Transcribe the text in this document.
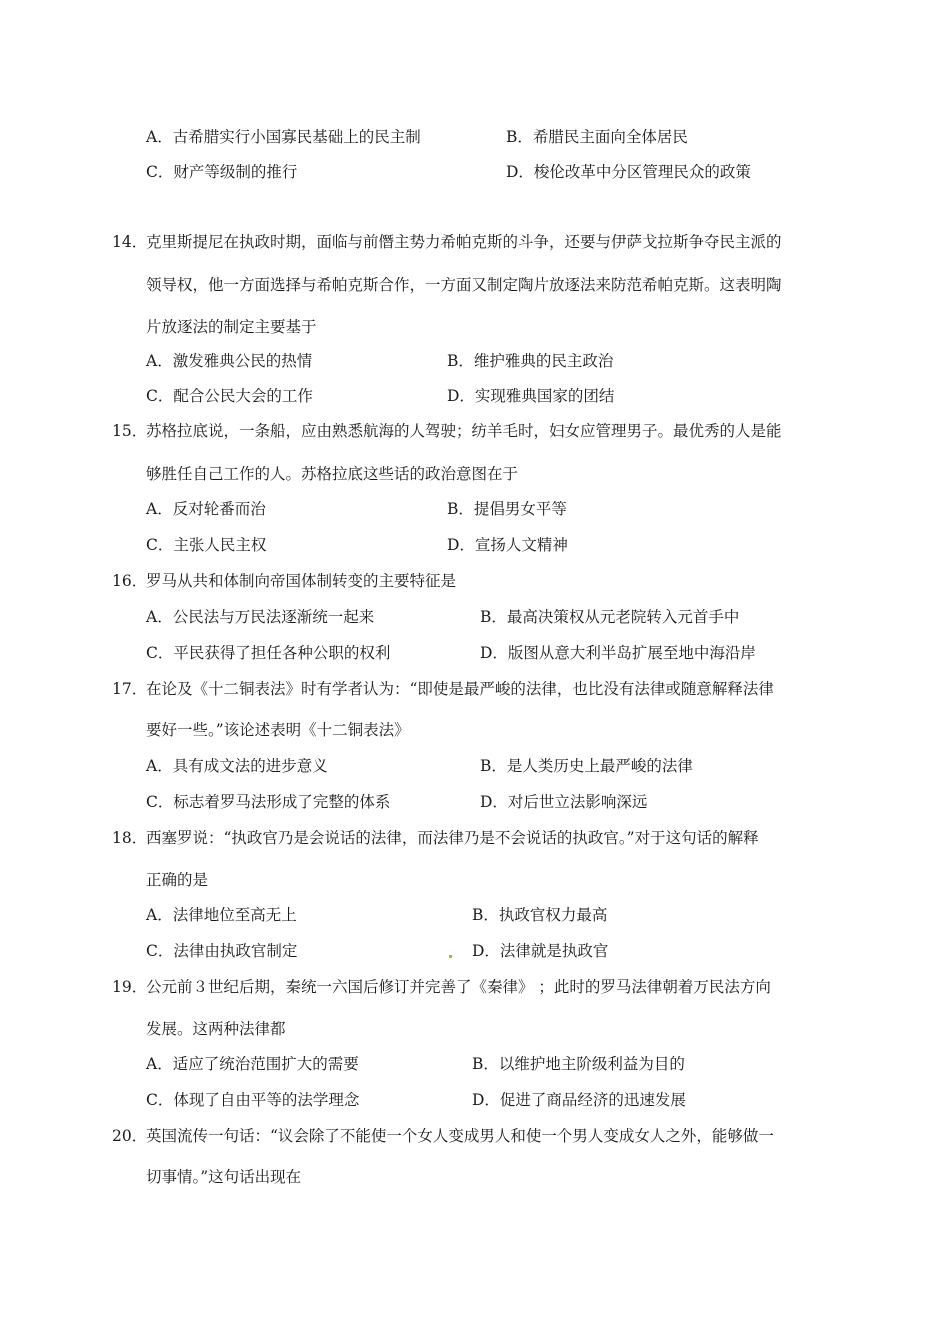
A．古希腊实行小国寡民基础上的民主制	B．希腊民主面向全体居民
C．财产等级制的推行	D．梭伦改革中分区管理民众的政策
14．
克里斯提尼在执政时期，面临与前僭主势力希帕克斯的斗争，还要与伊萨戈拉斯争夺民主派的
领导权，他一方面选择与希帕克斯合作，一方面又制定陶片放逐法来防范希帕克斯。这表明陶
片放逐法的制定主要基于
A．激发雅典公民的热情	B．维护雅典的民主政治
C．配合公民大会的工作	D．实现雅典国家的团结
15．
苏格拉底说，一条船，应由熟悉航海的人驾驶；纺羊毛时，妇女应管理男子。最优秀的人是能
够胜任自己工作的人。苏格拉底这些话的政治意图在于
A．反对轮番而治	B．提倡男女平等
C．主张人民主权	D．宣扬人文精神
16．
罗马从共和体制向帝国体制转变的主要特征是
A．公民法与万民法逐渐统一起来	B．最高决策权从元老院转入元首手中
C．平民获得了担任各种公职的权利	D．版图从意大利半岛扩展至地中海沿岸
17．
在论及《十二铜表法》时有学者认为：“即使是最严峻的法律，也比没有法律或随意解释法律
要好一些。”该论述表明《十二铜表法》
A．具有成文法的进步意义	B．是人类历史上最严峻的法律
C．标志着罗马法形成了完整的体系	D．对后世立法影响深远
18．
西塞罗说：“执政官乃是会说话的法律，而法律乃是不会说话的执政官。”对于这句话的解释
正确的是
A．法律地位至高无上	B．执政官权力最高
C．法律由执政官制定	D．法律就是执政官
19．
公元前３世纪后期，秦统一六国后修订并完善了《秦律》 ；此时的罗马法律朝着万民法方向
发展。这两种法律都
A．适应了统治范围扩大的需要	B．以维护地主阶级利益为目的
C．体现了自由平等的法学理念	D．促进了商品经济的迅速发展
20．
英国流传一句话：“议会除了不能使一个女人变成男人和使一个男人变成女人之外，能够做一
切事情。”这句话出现在
